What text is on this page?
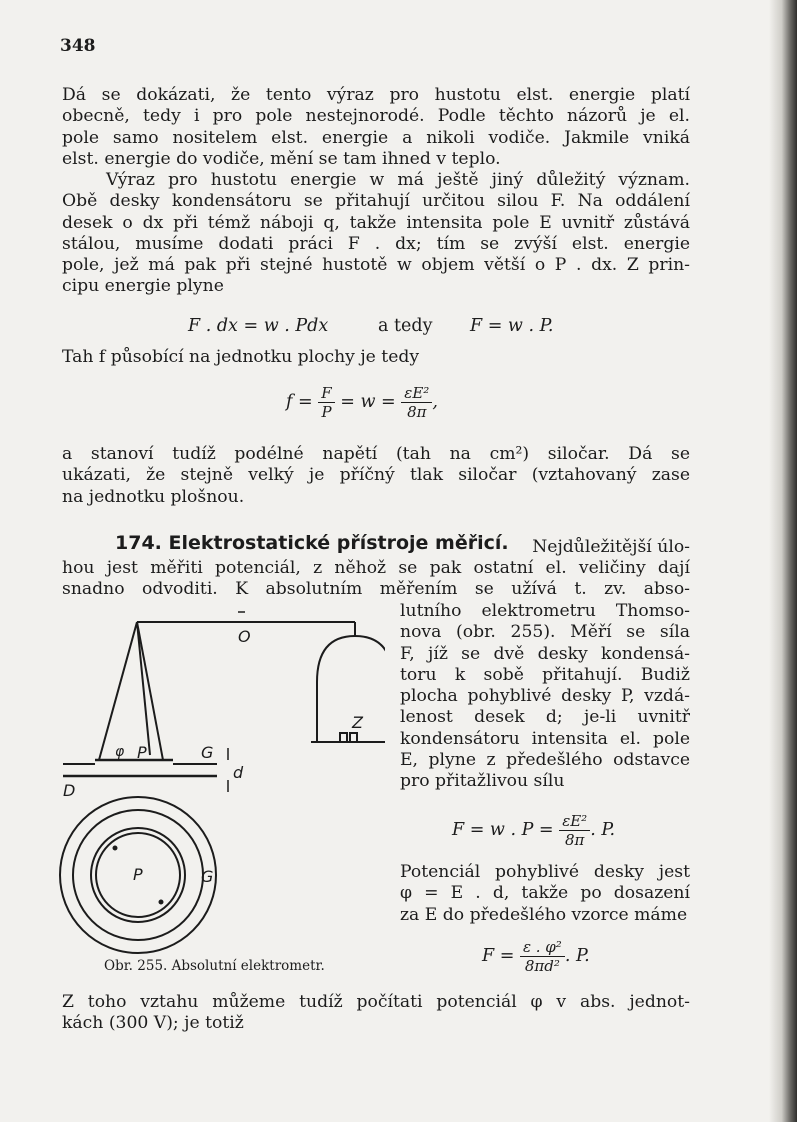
348
Dá se dokázati, že tento výraz pro hustotu elst. energie platí
obecně, tedy i pro pole nestejnorodé. Podle těchto názorů je el.
pole samo nositelem elst. energie a nikoli vodiče. Jakmile vniká
elst. energie do vodiče, mění se tam ihned v teplo.
Výraz pro hustotu energie w má ještě jiný důležitý význam.
Obě desky kondensátoru se přitahují určitou silou F. Na oddálení
desek o dx při témž náboji q, takže intensita pole E uvnitř zůstává
stálou, musíme dodati práci F . dx; tím se zvýší elst. energie
pole, jež má pak při stejné hustotě w objem větší o P . dx. Z prin-
cipu energie plyne
F . dx = w . Pdx	a tedy F = w . P.
Tah f působící na jednotku plochy je tedy
$f = \frac{F}{P} = w = \frac{\text{εE²}}{8\pi}$ ,
a stanoví tudíž podélné napětí (tah na cm²) siločar. Dá se
ukázati, že stejně velký je příčný tlak siločar (vztahovaný zase
na jednotku plošnou.
174. Elektrostatické přístroje měřicí.	Nejdůležitější úlo-
hou jest měřiti potenciál, z něhož se pak ostatní el. veličiny dají
snadno odvoditi. K absolutním měřením se užívá t. zv. abso-
lutního elektrometru Thomso-
nova (obr. 255). Měří se síla
F, jíž se dvě desky kondensá-
toru k sobě přitahují. Budiž
plocha pohyblivé desky P, vzdá-
lenost desek d; je-li uvnitř
kondensátoru intensita el. pole
E, plyne z předešlého odstavce
pro přitažlivou sílu
F = w . $P = \frac{\text{εE²}}{8\pi}$ . P.
Potenciál pohyblivé desky jest
φ = E . d, takže po dosazení
za E do předešlého vzorce máme
$F = \frac{\text{ε . φ²}}{\text{8πd²}}$ . P.
O
Z
φ P	G
d
D
P	G
Obr. 255. Absolutní elektrometr.
Z toho vztahu můžeme tudíž počítati potenciál φ v abs. jednot-
kách (300 V); je totiž
